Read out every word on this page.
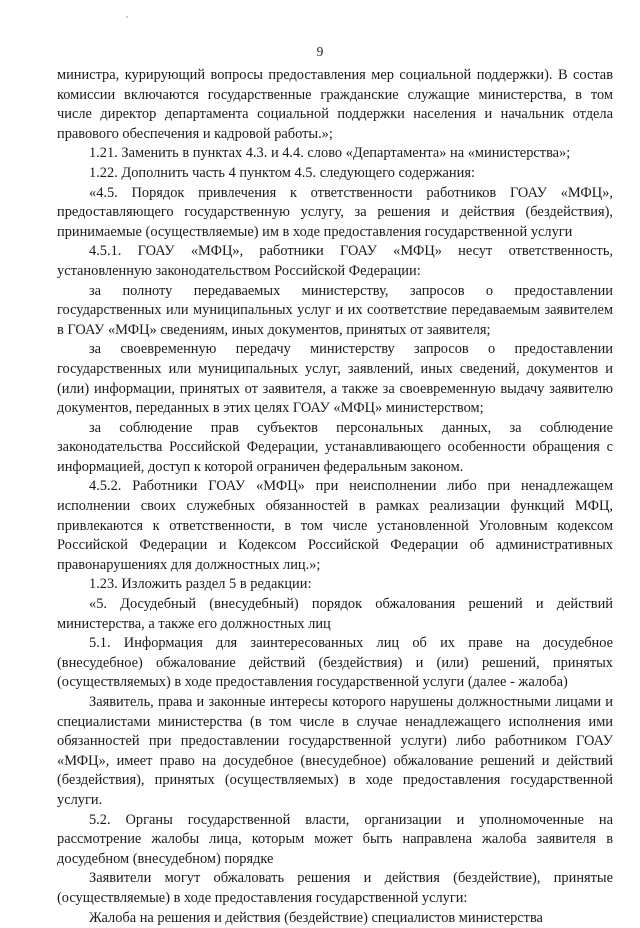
9

министра, курирующий вопросы предоставления мер социальной поддержки). В состав комиссии включаются государственные гражданские служащие министерства, в том числе директор департамента социальной поддержки населения и начальник отдела правового обеспечения и кадровой работы.»;

1.21. Заменить в пунктах 4.3. и 4.4. слово «Департамента» на «министерства»;

1.22. Дополнить часть 4 пунктом 4.5. следующего содержания:

«4.5. Порядок привлечения к ответственности работников ГОАУ «МФЦ», предоставляющего государственную услугу, за решения и действия (бездействия), принимаемые (осуществляемые) им в ходе предоставления государственной услуги

4.5.1. ГОАУ «МФЦ», работники ГОАУ «МФЦ» несут ответственность, установленную законодательством Российской Федерации:

за полноту передаваемых министерству, запросов о предоставлении государственных или муниципальных услуг и их соответствие передаваемым заявителем в ГОАУ «МФЦ» сведениям, иных документов, принятых от заявителя;

за своевременную передачу министерству запросов о предоставлении государственных или муниципальных услуг, заявлений, иных сведений, документов и (или) информации, принятых от заявителя, а также за своевременную выдачу заявителю документов, переданных в этих целях ГОАУ «МФЦ» министерством;

за соблюдение прав субъектов персональных данных, за соблюдение законодательства Российской Федерации, устанавливающего особенности обращения с информацией, доступ к которой ограничен федеральным законом.

4.5.2. Работники ГОАУ «МФЦ» при неисполнении либо при ненадлежащем исполнении своих служебных обязанностей в рамках реализации функций МФЦ, привлекаются к ответственности, в том числе установленной Уголовным кодексом Российской Федерации и Кодексом Российской Федерации об административных правонарушениях для должностных лиц.»;

1.23. Изложить раздел 5 в редакции:

«5. Досудебный (внесудебный) порядок обжалования решений и действий министерства, а также его должностных лиц

5.1. Информация для заинтересованных лиц об их праве на досудебное (внесудебное) обжалование действий (бездействия) и (или) решений, принятых (осуществляемых) в ходе предоставления государственной услуги (далее - жалоба)

Заявитель, права и законные интересы которого нарушены должностными лицами и специалистами министерства (в том числе в случае ненадлежащего исполнения ими обязанностей при предоставлении государственной услуги) либо работником ГОАУ «МФЦ», имеет право на досудебное (внесудебное) обжалование решений и действий (бездействия), принятых (осуществляемых) в ходе предоставления государственной услуги.

5.2. Органы государственной власти, организации и уполномоченные на рассмотрение жалобы лица, которым может быть направлена жалоба заявителя в досудебном (внесудебном) порядке

Заявители могут обжаловать решения и действия (бездействие), принятые (осуществляемые) в ходе предоставления государственной услуги:

Жалоба на решения и действия (бездействие) специалистов министерства
